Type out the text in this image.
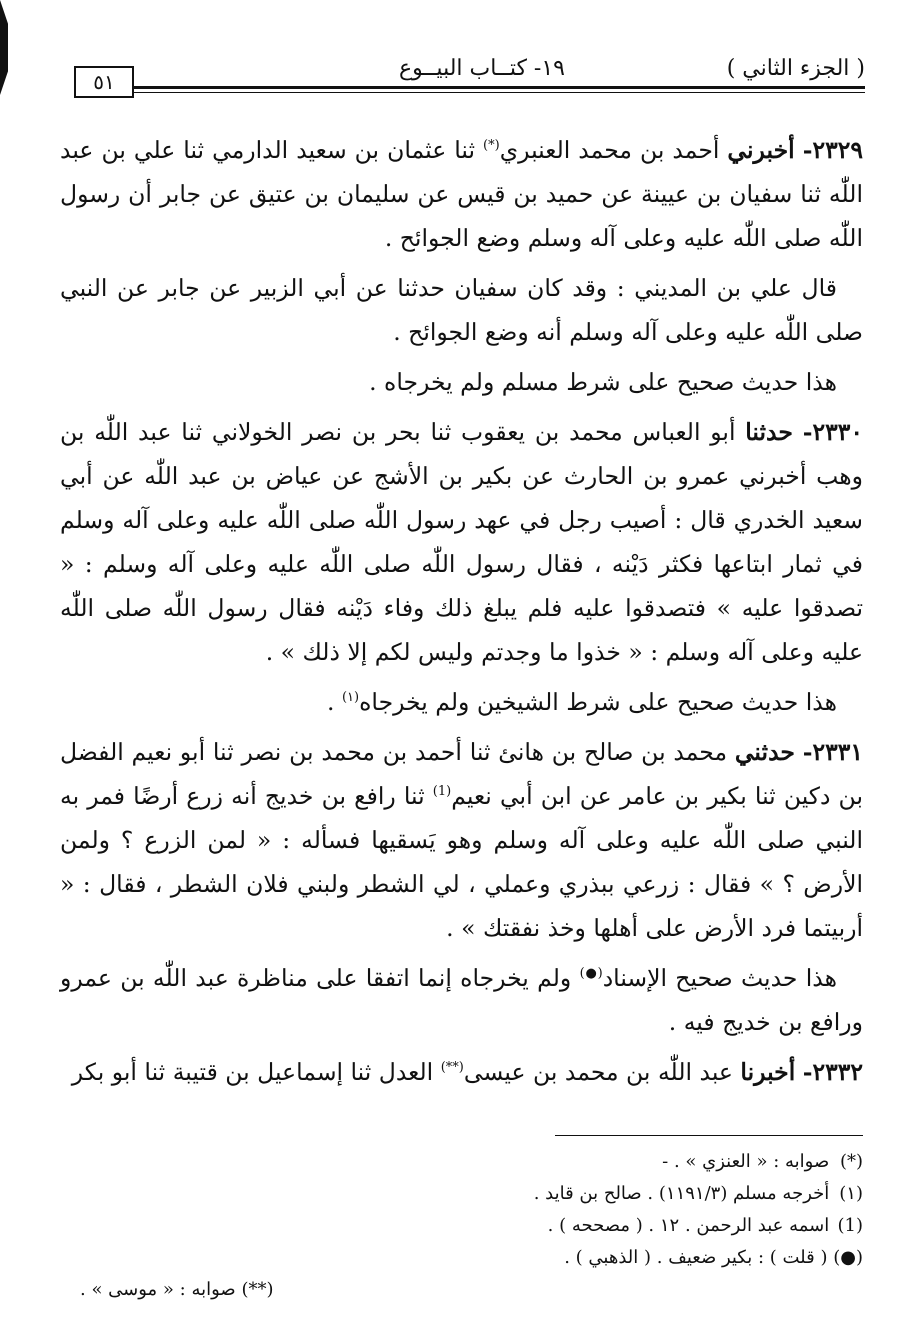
( الجزء الثاني )
١٩- كتــاب البيــوع
٥١

٢٣٢٩- أخبرني أحمد بن محمد العنبري(*) ثنا عثمان بن سعيد الدارمي ثنا علي بن عبد اللّٰه ثنا سفيان بن عيينة عن حميد بن قيس عن سليمان بن عتيق عن جابر أن رسول اللّٰه صلى اللّٰه عليه وعلى آله وسلم وضع الجوائح .

قال علي بن المديني : وقد كان سفيان حدثنا عن أبي الزبير عن جابر عن النبي صلى اللّٰه عليه وعلى آله وسلم أنه وضع الجوائح .

هذا حديث صحيح على شرط مسلم ولم يخرجاه .

٢٣٣٠- حدثنا أبو العباس محمد بن يعقوب ثنا بحر بن نصر الخولاني ثنا عبد اللّٰه بن وهب أخبرني عمرو بن الحارث عن بكير بن الأشج عن عياض بن عبد اللّٰه عن أبي سعيد الخدري قال : أصيب رجل في عهد رسول اللّٰه صلى اللّٰه عليه وعلى آله وسلم في ثمار ابتاعها فكثر دَيْنه ، فقال رسول اللّٰه صلى اللّٰه عليه وعلى آله وسلم : « تصدقوا عليه » فتصدقوا عليه فلم يبلغ ذلك وفاء دَيْنه فقال رسول اللّٰه صلى اللّٰه عليه وعلى آله وسلم : « خذوا ما وجدتم وليس لكم إلا ذلك » .

هذا حديث صحيح على شرط الشيخين ولم يخرجاه$^{(١)}$ .

٢٣٣١- حدثني محمد بن صالح بن هانئ ثنا أحمد بن محمد بن نصر ثنا أبو نعيم الفضل بن دكين ثنا بكير بن عامر عن ابن أبي نعيم$^{(1)}$ ثنا رافع بن خديج أنه زرع أرضًا فمر به النبي صلى اللّٰه عليه وعلى آله وسلم وهو يَسقيها فسأله : « لمن الزرع ؟ ولمن الأرض ؟ » فقال : زرعي ببذري وعملي ، لي الشطر ولبني فلان الشطر ، فقال : « أربيتما فرد الأرض على أهلها وخذ نفقتك » .

هذا حديث صحيح الإسناد(●) ولم يخرجاه إنما اتفقا على مناظرة عبد اللّٰه بن عمرو ورافع بن خديج فيه .

٢٣٣٢- أخبرنا عبد اللّٰه بن محمد بن عيسى(**) العدل ثنا إسماعيل بن قتيبة ثنا أبو بكر

(*) صوابه : « العنزي » . -
(١) أخرجه مسلم (١١٩١/٣) . صالح بن قايد .
(1) اسمه عبد الرحمن . ١٢ . ( مصححه ) .
(●) ( قلت ) : بكير ضعيف . ( الذهبي ) .
(**) صوابه : « موسى » .
